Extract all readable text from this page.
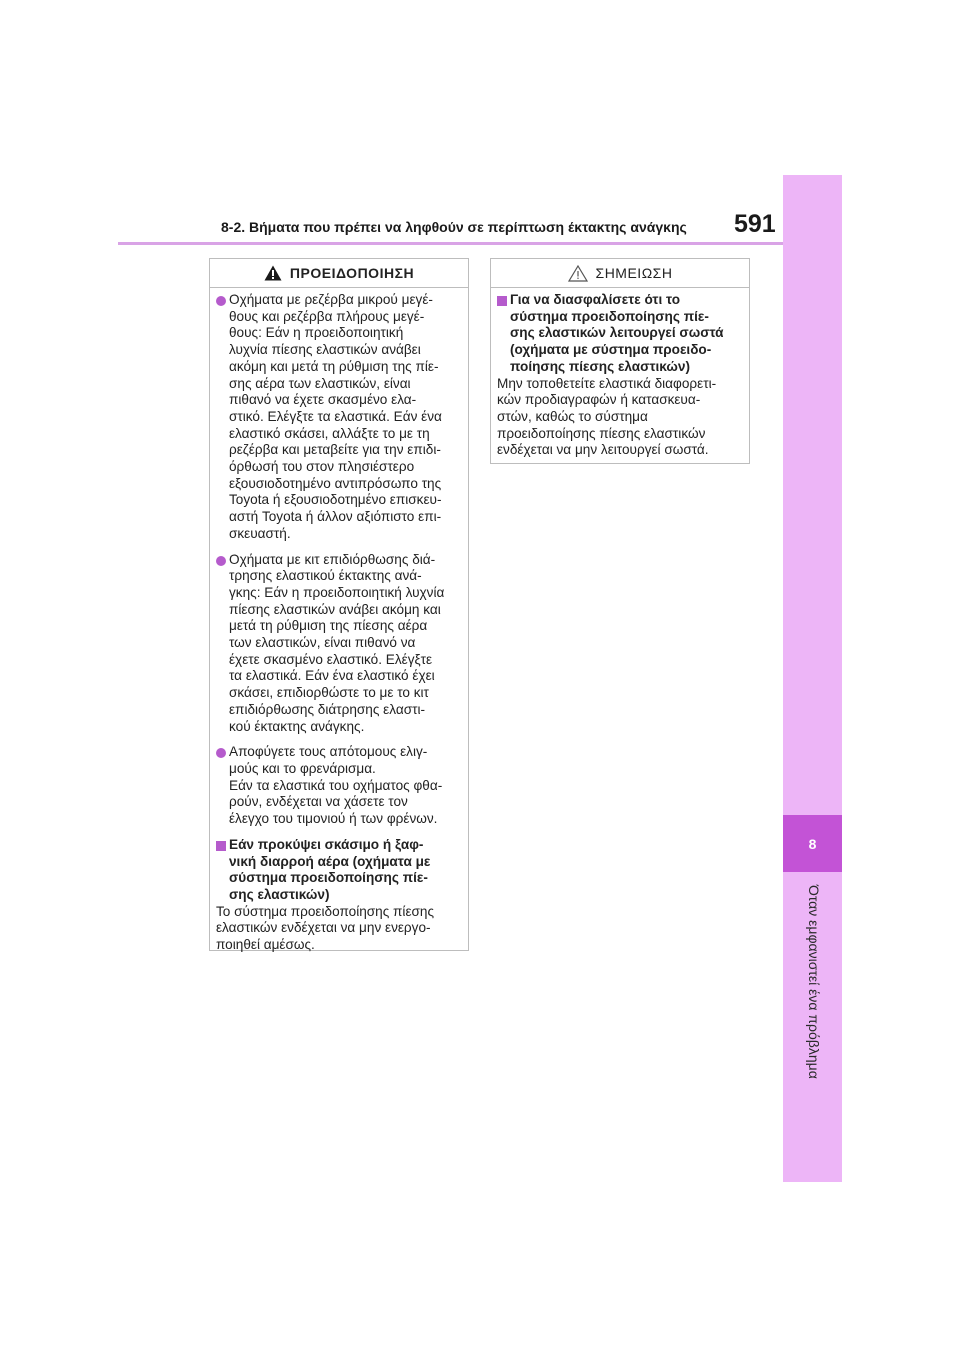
8-2. Βήματα που πρέπει να ληφθούν σε περίπτωση έκτακτης ανάγκης 591
8
Όταν εμφανιστεί ένα πρόβλημα
ΠΡΟΕΙΔΟΠΟΙΗΣΗ
Οχήματα με ρεζέρβα μικρού μεγέ-
θους και ρεζέρβα πλήρους μεγέ-
θους: Εάν η προειδοποιητική
λυχνία πίεσης ελαστικών ανάβει
ακόμη και μετά τη ρύθμιση της πίε-
σης αέρα των ελαστικών, είναι
πιθανό να έχετε σκασμένο ελα-
στικό. Ελέγξτε τα ελαστικά. Εάν ένα
ελαστικό σκάσει, αλλάξτε το με τη
ρεζέρβα και μεταβείτε για την επιδι-
όρθωσή του στον πλησιέστερο
εξουσιοδοτημένο αντιπρόσωπο της
Toyota ή εξουσιοδοτημένο επισκευ-
αστή Toyota ή άλλον αξιόπιστο επι-
σκευαστή.
Οχήματα με κιτ επιδιόρθωσης διά-
τρησης ελαστικού έκτακτης ανά-
γκης: Εάν η προειδοποιητική λυχνία
πίεσης ελαστικών ανάβει ακόμη και
μετά τη ρύθμιση της πίεσης αέρα
των ελαστικών, είναι πιθανό να
έχετε σκασμένο ελαστικό. Ελέγξτε
τα ελαστικά. Εάν ένα ελαστικό έχει
σκάσει, επιδιορθώστε το με το κιτ
επιδιόρθωσης διάτρησης ελαστι-
κού έκτακτης ανάγκης.
Αποφύγετε τους απότομους ελιγ-
μούς και το φρενάρισμα.
Εάν τα ελαστικά του οχήματος φθα-
ρούν, ενδέχεται να χάσετε τον
έλεγχο του τιμονιού ή των φρένων.
Εάν προκύψει σκάσιμο ή ξαφ-
νική διαρροή αέρα (οχήματα με
σύστημα προειδοποίησης πίε-
σης ελαστικών)
Το σύστημα προειδοποίησης πίεσης
ελαστικών ενδέχεται να μην ενεργο-
ποιηθεί αμέσως.
ΣΗΜΕΙΩΣΗ
Για να διασφαλίσετε ότι το
σύστημα προειδοποίησης πίε-
σης ελαστικών λειτουργεί σωστά
(οχήματα με σύστημα προειδο-
ποίησης πίεσης ελαστικών)
Μην τοποθετείτε ελαστικά διαφορετι-
κών προδιαγραφών ή κατασκευα-
στών, καθώς το σύστημα
προειδοποίησης πίεσης ελαστικών
ενδέχεται να μην λειτουργεί σωστά.
